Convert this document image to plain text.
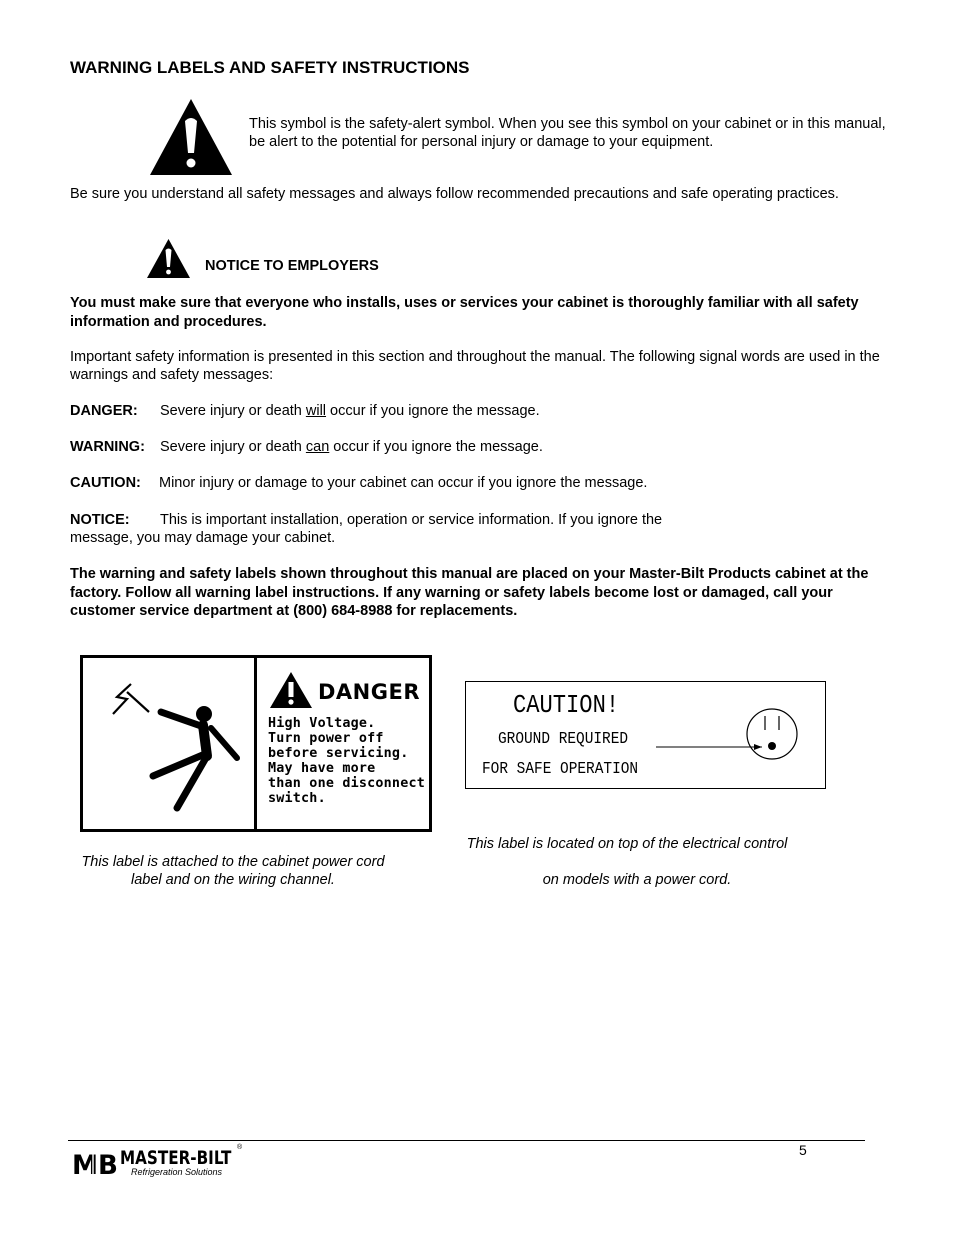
WARNING LABELS AND SAFETY INSTRUCTIONS
This symbol is the safety-alert symbol. When you see this symbol on your cabinet or in this manual, be alert to the potential for personal injury or damage to your equipment.
Be sure you understand all safety messages and always follow recommended precautions and safe operating practices.
NOTICE TO EMPLOYERS
You must make sure that everyone who installs, uses or services your cabinet is thoroughly familiar with all safety information and procedures.
Important safety information is presented in this section and throughout the manual. The following signal words are used in the warnings and safety messages:
DANGER: Severe injury or death will occur if you ignore the message.
WARNING: Severe injury or death can occur if you ignore the message.
CAUTION: Minor injury or damage to your cabinet can occur if you ignore the message.
NOTICE: This is important installation, operation or service information. If you ignore the
message, you may damage your cabinet.
The warning and safety labels shown throughout this manual are placed on your Master-Bilt Products cabinet at the factory. Follow all warning label instructions. If any warning or safety labels become lost or damaged, call your customer service department at (800) 684-8988 for replacements.
DANGER
High Voltage.
Turn power off
before servicing.
May have more
than one disconnect
switch.
CAUTION!
GROUND REQUIRED
FOR SAFE OPERATION
This label is attached to the cabinet power cord
label and on the wiring channel.
This label is located on top of the electrical control
on models with a power cord.
MB MASTER-BILT ®
Refrigeration Solutions
5
